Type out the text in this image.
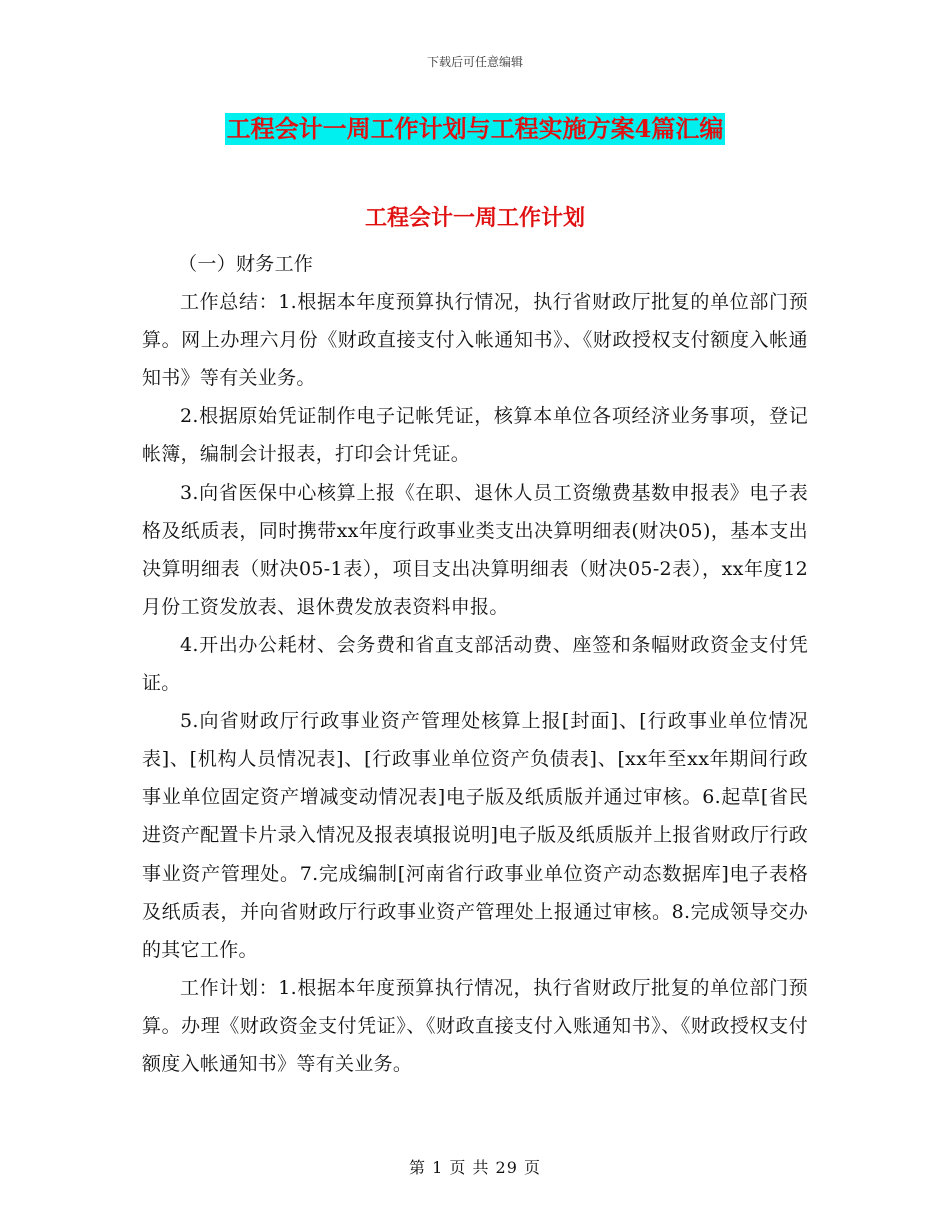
下载后可任意编辑
工程会计一周工作计划与工程实施方案4篇汇编
工程会计一周工作计划

（一）财务工作

工作总结：1.根据本年度预算执行情况，执行省财政厅批复的单位部门预算。网上办理六月份《财政直接支付入帐通知书》、《财政授权支付额度入帐通知书》等有关业务。

2.根据原始凭证制作电子记帐凭证，核算本单位各项经济业务事项，登记帐簿，编制会计报表，打印会计凭证。

3.向省医保中心核算上报《在职、退休人员工资缴费基数申报表》电子表格及纸质表，同时携带xx年度行政事业类支出决算明细表(财决05)，基本支出决算明细表（财决05-1表），项目支出决算明细表（财决05-2表），xx年度12月份工资发放表、退休费发放表资料申报。

4.开出办公耗材、会务费和省直支部活动费、座签和条幅财政资金支付凭证。

5.向省财政厅行政事业资产管理处核算上报[封面]、[行政事业单位情况表]、[机构人员情况表]、[行政事业单位资产负债表]、[xx年至xx年期间行政事业单位固定资产增减变动情况表]电子版及纸质版并通过审核。6.起草[省民进资产配置卡片录入情况及报表填报说明]电子版及纸质版并上报省财政厅行政事业资产管理处。7.完成编制[河南省行政事业单位资产动态数据库]电子表格及纸质表，并向省财政厅行政事业资产管理处上报通过审核。8.完成领导交办的其它工作。

工作计划：1.根据本年度预算执行情况，执行省财政厅批复的单位部门预算。办理《财政资金支付凭证》、《财政直接支付入账通知书》、《财政授权支付额度入帐通知书》等有关业务。

第 1 页 共 29 页
